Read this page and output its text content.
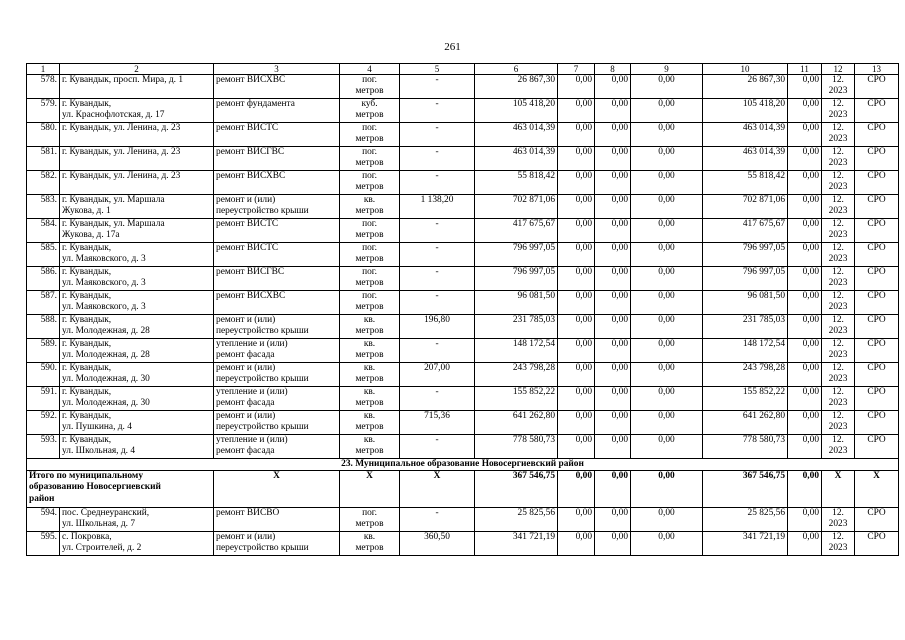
261
1	2	3	4	5	6	7	8	9	10	11	12	13

578.	г. Кувандык, просп. Мира, д. 1	ремонт ВИСХВС	пог.
метров	-	26 867,30	0,00	0,00	0,00	26 867,30	0,00	12.
2023	СРО

579.	г. Кувандык,
ул. Краснофлотская, д. 17	ремонт фундамента	куб.
метров	-	105 418,20	0,00	0,00	0,00	105 418,20	0,00	12.
2023	СРО

580.	г. Кувандык, ул. Ленина, д. 23	ремонт ВИСТС	пог.
метров	-	463 014,39	0,00	0,00	0,00	463 014,39	0,00	12.
2023	СРО

581.	г. Кувандык, ул. Ленина, д. 23	ремонт ВИСГВС	пог.
метров	-	463 014,39	0,00	0,00	0,00	463 014,39	0,00	12.
2023	СРО

582.	г. Кувандык, ул. Ленина, д. 23	ремонт ВИСХВС	пог.
метров	-	55 818,42	0,00	0,00	0,00	55 818,42	0,00	12.
2023	СРО

583.	г. Кувандык, ул. Маршала
Жукова, д. 1	ремонт и (или)
переустройство крыши	кв.
метров	1 138,20	702 871,06	0,00	0,00	0,00	702 871,06	0,00	12.
2023	СРО

584.	г. Кувандык, ул. Маршала
Жукова, д. 17а	ремонт ВИСТС	пог.
метров	-	417 675,67	0,00	0,00	0,00	417 675,67	0,00	12.
2023	СРО

585.	г. Кувандык,
ул. Маяковского, д. 3	ремонт ВИСТС	пог.
метров	-	796 997,05	0,00	0,00	0,00	796 997,05	0,00	12.
2023	СРО

586.	г. Кувандык,
ул. Маяковского, д. 3	ремонт ВИСГВС	пог.
метров	-	796 997,05	0,00	0,00	0,00	796 997,05	0,00	12.
2023	СРО

587.	г. Кувандык,
ул. Маяковского, д. 3	ремонт ВИСХВС	пог.
метров	-	96 081,50	0,00	0,00	0,00	96 081,50	0,00	12.
2023	СРО

588.	г. Кувандык,
ул. Молодежная, д. 28	ремонт и (или)
переустройство крыши	кв.
метров	196,80	231 785,03	0,00	0,00	0,00	231 785,03	0,00	12.
2023	СРО

589.	г. Кувандык,
ул. Молодежная, д. 28	утепление и (или)
ремонт фасада	кв.
метров	-	148 172,54	0,00	0,00	0,00	148 172,54	0,00	12.
2023	СРО

590.	г. Кувандык,
ул. Молодежная, д. 30	ремонт и (или)
переустройство крыши	кв.
метров	207,00	243 798,28	0,00	0,00	0,00	243 798,28	0,00	12.
2023	СРО

591.	г. Кувандык,
ул. Молодежная, д. 30	утепление и (или)
ремонт фасада	кв.
метров	-	155 852,22	0,00	0,00	0,00	155 852,22	0,00	12.
2023	СРО

592.	г. Кувандык,
ул. Пушкина, д. 4	ремонт и (или)
переустройство крыши	кв.
метров	715,36	641 262,80	0,00	0,00	0,00	641 262,80	0,00	12.
2023	СРО

593.	г. Кувандык,
ул. Школьная, д. 4	утепление и (или)
ремонт фасада	кв.
метров	-	778 580,73	0,00	0,00	0,00	778 580,73	0,00	12.
2023	СРО

23. Муниципальное образование Новосергиевский район												

Итого по муниципальному
образованию Новосергиевский
район		Х	Х	Х	367 546,75	0,00	0,00	0,00	367 546,75	0,00	Х	Х

594.	пос. Среднеуранский,
ул. Школьная, д. 7	ремонт ВИСВО	пог.
метров	-	25 825,56	0,00	0,00	0,00	25 825,56	0,00	12.
2023	СРО

595.	с. Покровка,
ул. Строителей, д. 2	ремонт и (или)
переустройство крыши	кв.
метров	360,50	341 721,19	0,00	0,00	0,00	341 721,19	0,00	12.
2023	СРО
